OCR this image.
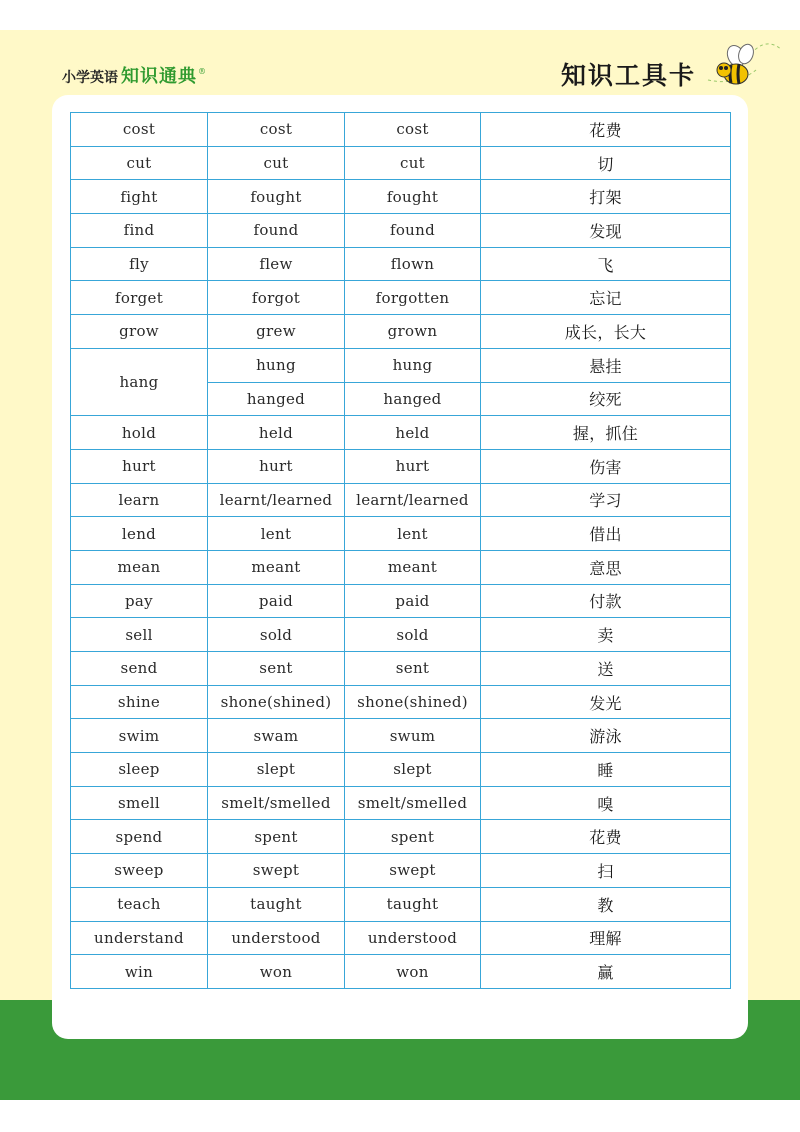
小学英语 知识通典 ®	知识工具卡
cost	cost	cost	花费
cut	cut	cut	切
fight	fought	fought	打架
find	found	found	发现
fly	flew	flown	飞
forget	forgot	forgotten	忘记
grow	grew	grown	成长，长大
hang	hung	hung	悬挂
	hanged	hanged	绞死
hold	held	held	握，抓住
hurt	hurt	hurt	伤害
learn	learnt/learned	learnt/learned	学习
lend	lent	lent	借出
mean	meant	meant	意思
pay	paid	paid	付款
sell	sold	sold	卖
send	sent	sent	送
shine	shone(shined)	shone(shined)	发光
swim	swam	swum	游泳
sleep	slept	slept	睡
smell	smelt/smelled	smelt/smelled	嗅
spend	spent	spent	花费
sweep	swept	swept	扫
teach	taught	taught	教
understand	understood	understood	理解
win	won	won	赢
